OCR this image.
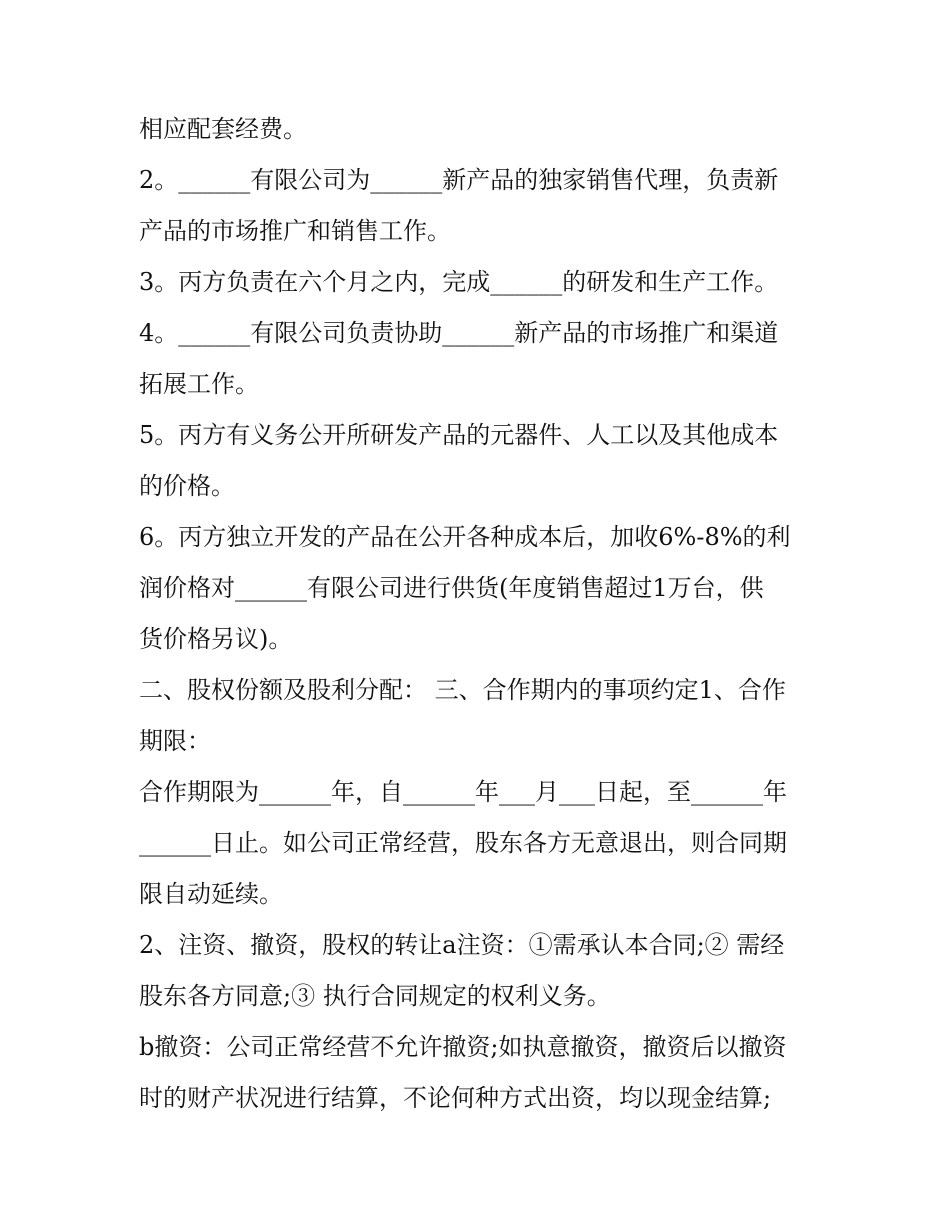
相应配套经费。
2。______有限公司为______新产品的独家销售代理，负责新
产品的市场推广和销售工作。
3。丙方负责在六个月之内，完成______的研发和生产工作。
4。______有限公司负责协助______新产品的市场推广和渠道
拓展工作。
5。丙方有义务公开所研发产品的元器件、人工以及其他成本
的价格。
6。丙方独立开发的产品在公开各种成本后，加收6%-8%的利
润价格对______有限公司进行供货(年度销售超过1万台，供
货价格另议)。
二、股权份额及股利分配： 三、合作期内的事项约定1、合作
期限：
合作期限为______年，自______年___月___日起，至______年
______日止。如公司正常经营，股东各方无意退出，则合同期
限自动延续。
2、注资、撤资，股权的转让a注资：①需承认本合同;② 需经
股东各方同意;③ 执行合同规定的权利义务。
b撤资：公司正常经营不允许撤资;如执意撤资，撤资后以撤资
时的财产状况进行结算，不论何种方式出资，均以现金结算;
